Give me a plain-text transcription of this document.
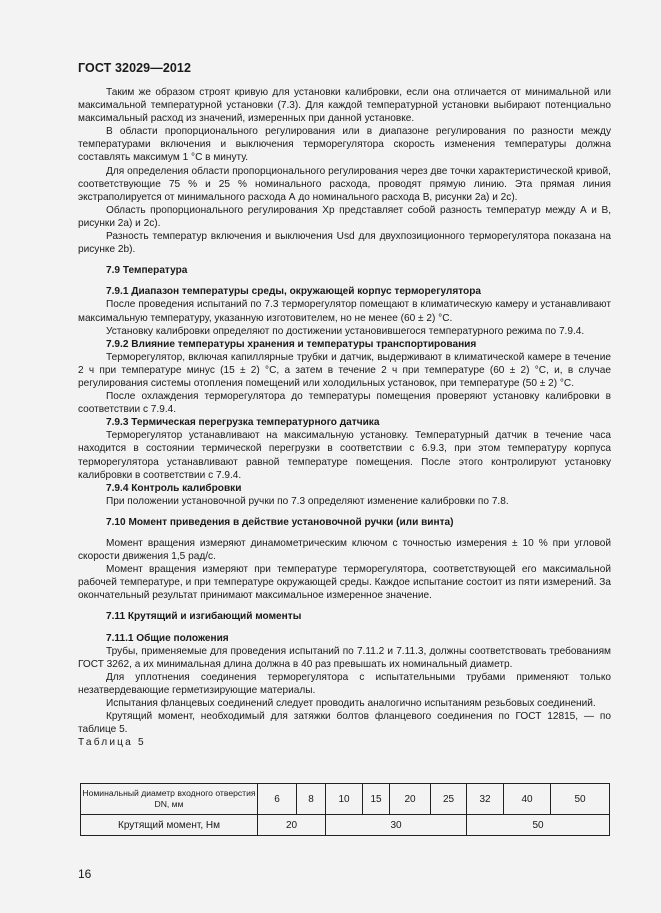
ГОСТ 32029—2012

Таким же образом строят кривую для установки калибровки, если она отличается от минимальной или максимальной температурной установки (7.3). Для каждой температурной установки выбирают потенциально максимальный расход из значений, измеренных при данной установке.

В области пропорционального регулирования или в диапазоне регулирования по разности между температурами включения и выключения терморегулятора скорость изменения температуры должна составлять максимум 1 °С в минуту.

Для определения области пропорционального регулирования через две точки характеристической кривой, соответствующие 75 % и 25 % номинального расхода, проводят прямую линию. Эта прямая линия экстраполируется от минимального расхода А до номинального расхода В, рисунки 2а) и 2с).

Область пропорционального регулирования Xp представляет собой разность температур между А и В, рисунки 2а) и 2с).

Разность температур включения и выключения Usd для двухпозиционного терморегулятора показана на рисунке 2b).

7.9 Температура

7.9.1 Диапазон температуры среды, окружающей корпус терморегулятора

После проведения испытаний по 7.3 терморегулятор помещают в климатическую камеру и устанавливают максимальную температуру, указанную изготовителем, но не менее (60 ± 2) °С.

Установку калибровки определяют по достижении установившегося температурного режима по 7.9.4.

7.9.2 Влияние температуры хранения и температуры транспортирования

Терморегулятор, включая капиллярные трубки и датчик, выдерживают в климатической камере в течение 2 ч при температуре минус (15 ± 2) °С, а затем в течение 2 ч при температуре (60 ± 2) °С, и, в случае регулирования системы отопления помещений или холодильных установок, при температуре (50 ± 2) °С.

После охлаждения терморегулятора до температуры помещения проверяют установку калибровки в соответствии с 7.9.4.

7.9.3 Термическая перегрузка температурного датчика

Терморегулятор устанавливают на максимальную установку. Температурный датчик в течение часа находится в состоянии термической перегрузки в соответствии с 6.9.3, при этом температуру корпуса терморегулятора устанавливают равной температуре помещения. После этого контролируют установку калибровки в соответствии с 7.9.4.

7.9.4 Контроль калибровки

При положении установочной ручки по 7.3 определяют изменение калибровки по 7.8.

7.10 Момент приведения в действие установочной ручки (или винта)

Момент вращения измеряют динамометрическим ключом с точностью измерения ± 10 % при угловой скорости движения 1,5 рад/с.

Момент вращения измеряют при температуре терморегулятора, соответствующей его максимальной рабочей температуре, и при температуре окружающей среды. Каждое испытание состоит из пяти измерений. За окончательный результат принимают максимальное измеренное значение.

7.11 Крутящий и изгибающий моменты

7.11.1 Общие положения

Трубы, применяемые для проведения испытаний по 7.11.2 и 7.11.3, должны соответствовать требованиям ГОСТ 3262, а их минимальная длина должна в 40 раз превышать их номинальный диаметр.

Для уплотнения соединения терморегулятора с испытательными трубами применяют только незатвердевающие герметизирующие материалы.

Испытания фланцевых соединений следует проводить аналогично испытаниям резьбовых соединений.

Крутящий момент, необходимый для затяжки болтов фланцевого соединения по ГОСТ 12815, — по таблице 5.

Таблица 5

Номинальный диаметр входного отверстия DN, мм	6	8	10	15	20	25	32	40	50
Крутящий момент, Нм	20		30				50		
16
